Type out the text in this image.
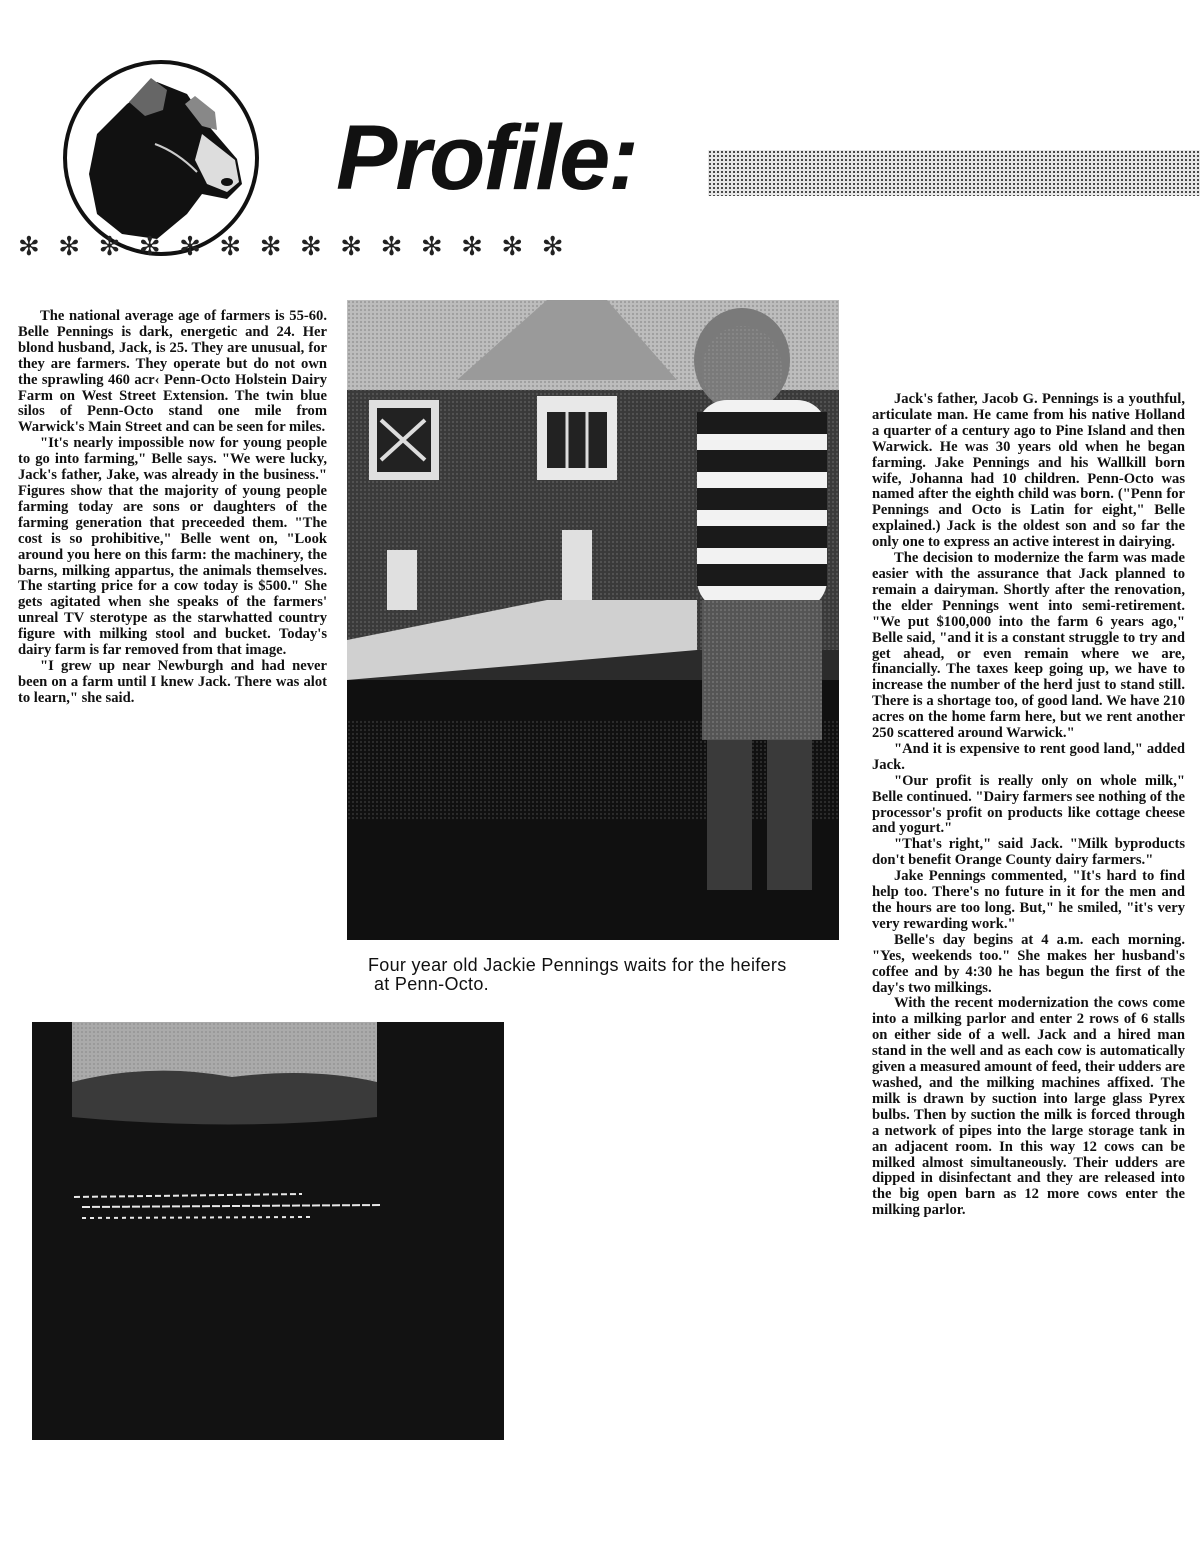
Profile:
✻ ✻ ✻ ✻ ✻ ✻ ✻ ✻ ✻ ✻ ✻ ✻ ✻ ✻

The national average age of farmers is 55-60. Belle Pennings is dark, energetic and 24. Her blond husband, Jack, is 25. They are unusual, for they are farmers. They operate but do not own the sprawling 460 acr‹ Penn-Octo Holstein Dairy Farm on West Street Extension. The twin blue silos of Penn-Octo stand one mile from Warwick's Main Street and can be seen for miles.

"It's nearly impossible now for young people to go into farming," Belle says. "We were lucky, Jack's father, Jake, was already in the business." Figures show that the majority of young people farming today are sons or daughters of the farming generation that preceeded them. "The cost is so prohibitive," Belle went on, "Look around you here on this farm: the machinery, the barns, milking appartus, the animals themselves. The starting price for a cow today is $500." She gets agitated when she speaks of the farmers' unreal TV sterotype as the starwhatted country figure with milking stool and bucket. Today's dairy farm is far removed from that image.

"I grew up near Newburgh and had never been on a farm until I knew Jack. There was alot to learn," she said.

Four year old Jackie Pennings waits for the heifers
at Penn-Octo.

Jack's father, Jacob G. Pennings is a youthful, articulate man. He came from his native Holland a quarter of a century ago to Pine Island and then Warwick. He was 30 years old when he began farming. Jake Pennings and his Wallkill born wife, Johanna had 10 children. Penn-Octo was named after the eighth child was born. ("Penn for Pennings and Octo is Latin for eight," Belle explained.) Jack is the oldest son and so far the only one to express an active interest in dairying.

The decision to modernize the farm was made easier with the assurance that Jack planned to remain a dairyman. Shortly after the renovation, the elder Pennings went into semi-retirement. "We put $100,000 into the farm 6 years ago," Belle said, "and it is a constant struggle to try and get ahead, or even remain where we are, financially. The taxes keep going up, we have to increase the number of the herd just to stand still. There is a shortage too, of good land. We have 210 acres on the home farm here, but we rent another 250 scattered around Warwick."

"And it is expensive to rent good land," added Jack.

"Our profit is really only on whole milk," Belle continued. "Dairy farmers see nothing of the processor's profit on products like cottage cheese and yogurt."

"That's right," said Jack. "Milk byproducts don't benefit Orange County dairy farmers."

Jake Pennings commented, "It's hard to find help too. There's no future in it for the men and the hours are too long. But," he smiled, "it's very very rewarding work."

Belle's day begins at 4 a.m. each morning. "Yes, weekends too." She makes her husband's coffee and by 4:30 he has begun the first of the day's two milkings.

With the recent modernization the cows come into a milking parlor and enter 2 rows of 6 stalls on either side of a well. Jack and a hired man stand in the well and as each cow is automatically given a measured amount of feed, their udders are washed, and the milking machines affixed. The milk is drawn by suction into large glass Pyrex bulbs. Then by suction the milk is forced through a network of pipes into the large storage tank in an adjacent room. In this way 12 cows can be milked almost simultaneously. Their udders are dipped in disinfectant and they are released into the big open barn as 12 more cows enter the milking parlor.
